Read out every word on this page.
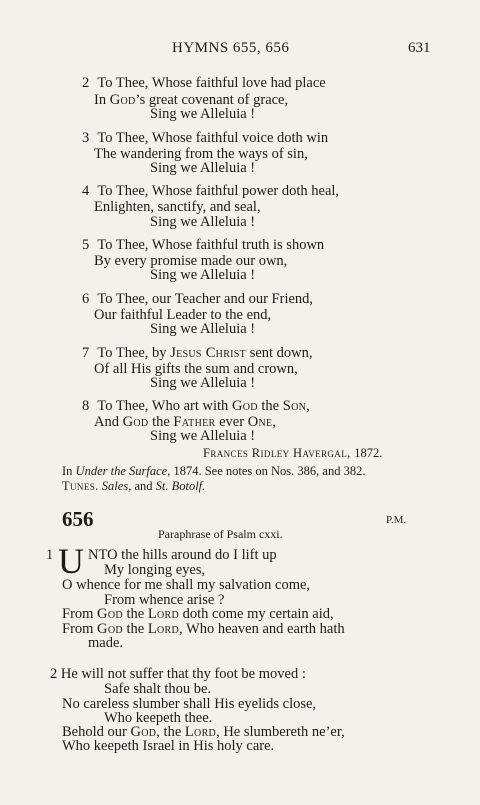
HYMNS 655, 656	631
2 To Thee, Whose faithful love had place
In God’s great covenant of grace,
Sing we Alleluia !
3 To Thee, Whose faithful voice doth win
The wandering from the ways of sin,
Sing we Alleluia !
4 To Thee, Whose faithful power doth heal,
Enlighten, sanctify, and seal,
Sing we Alleluia !
5 To Thee, Whose faithful truth is shown
By every promise made our own,
Sing we Alleluia !
6 To Thee, our Teacher and our Friend,
Our faithful Leader to the end,
Sing we Alleluia !
7 To Thee, by Jesus Christ sent down,
Of all His gifts the sum and crown,
Sing we Alleluia !
8 To Thee, Who art with God the Son,
And God the Father ever One,
Sing we Alleluia !
Frances Ridley Havergal, 1872.
In Under the Surface, 1874. See notes on Nos. 386, and 382.
Tunes. Sales, and St. Botolf.
656	P.M.
Paraphrase of Psalm cxxi.
1 U NTO the hills around do I lift up
My longing eyes,
O whence for me shall my salvation come,
From whence arise ?
From God the Lord doth come my certain aid,
From God the Lord, Who heaven and earth hath
made.
2 He will not suffer that thy foot be moved :
Safe shalt thou be.
No careless slumber shall His eyelids close,
Who keepeth thee.
Behold our God, the Lord, He slumbereth ne’er,
Who keepeth Israel in His holy care.
